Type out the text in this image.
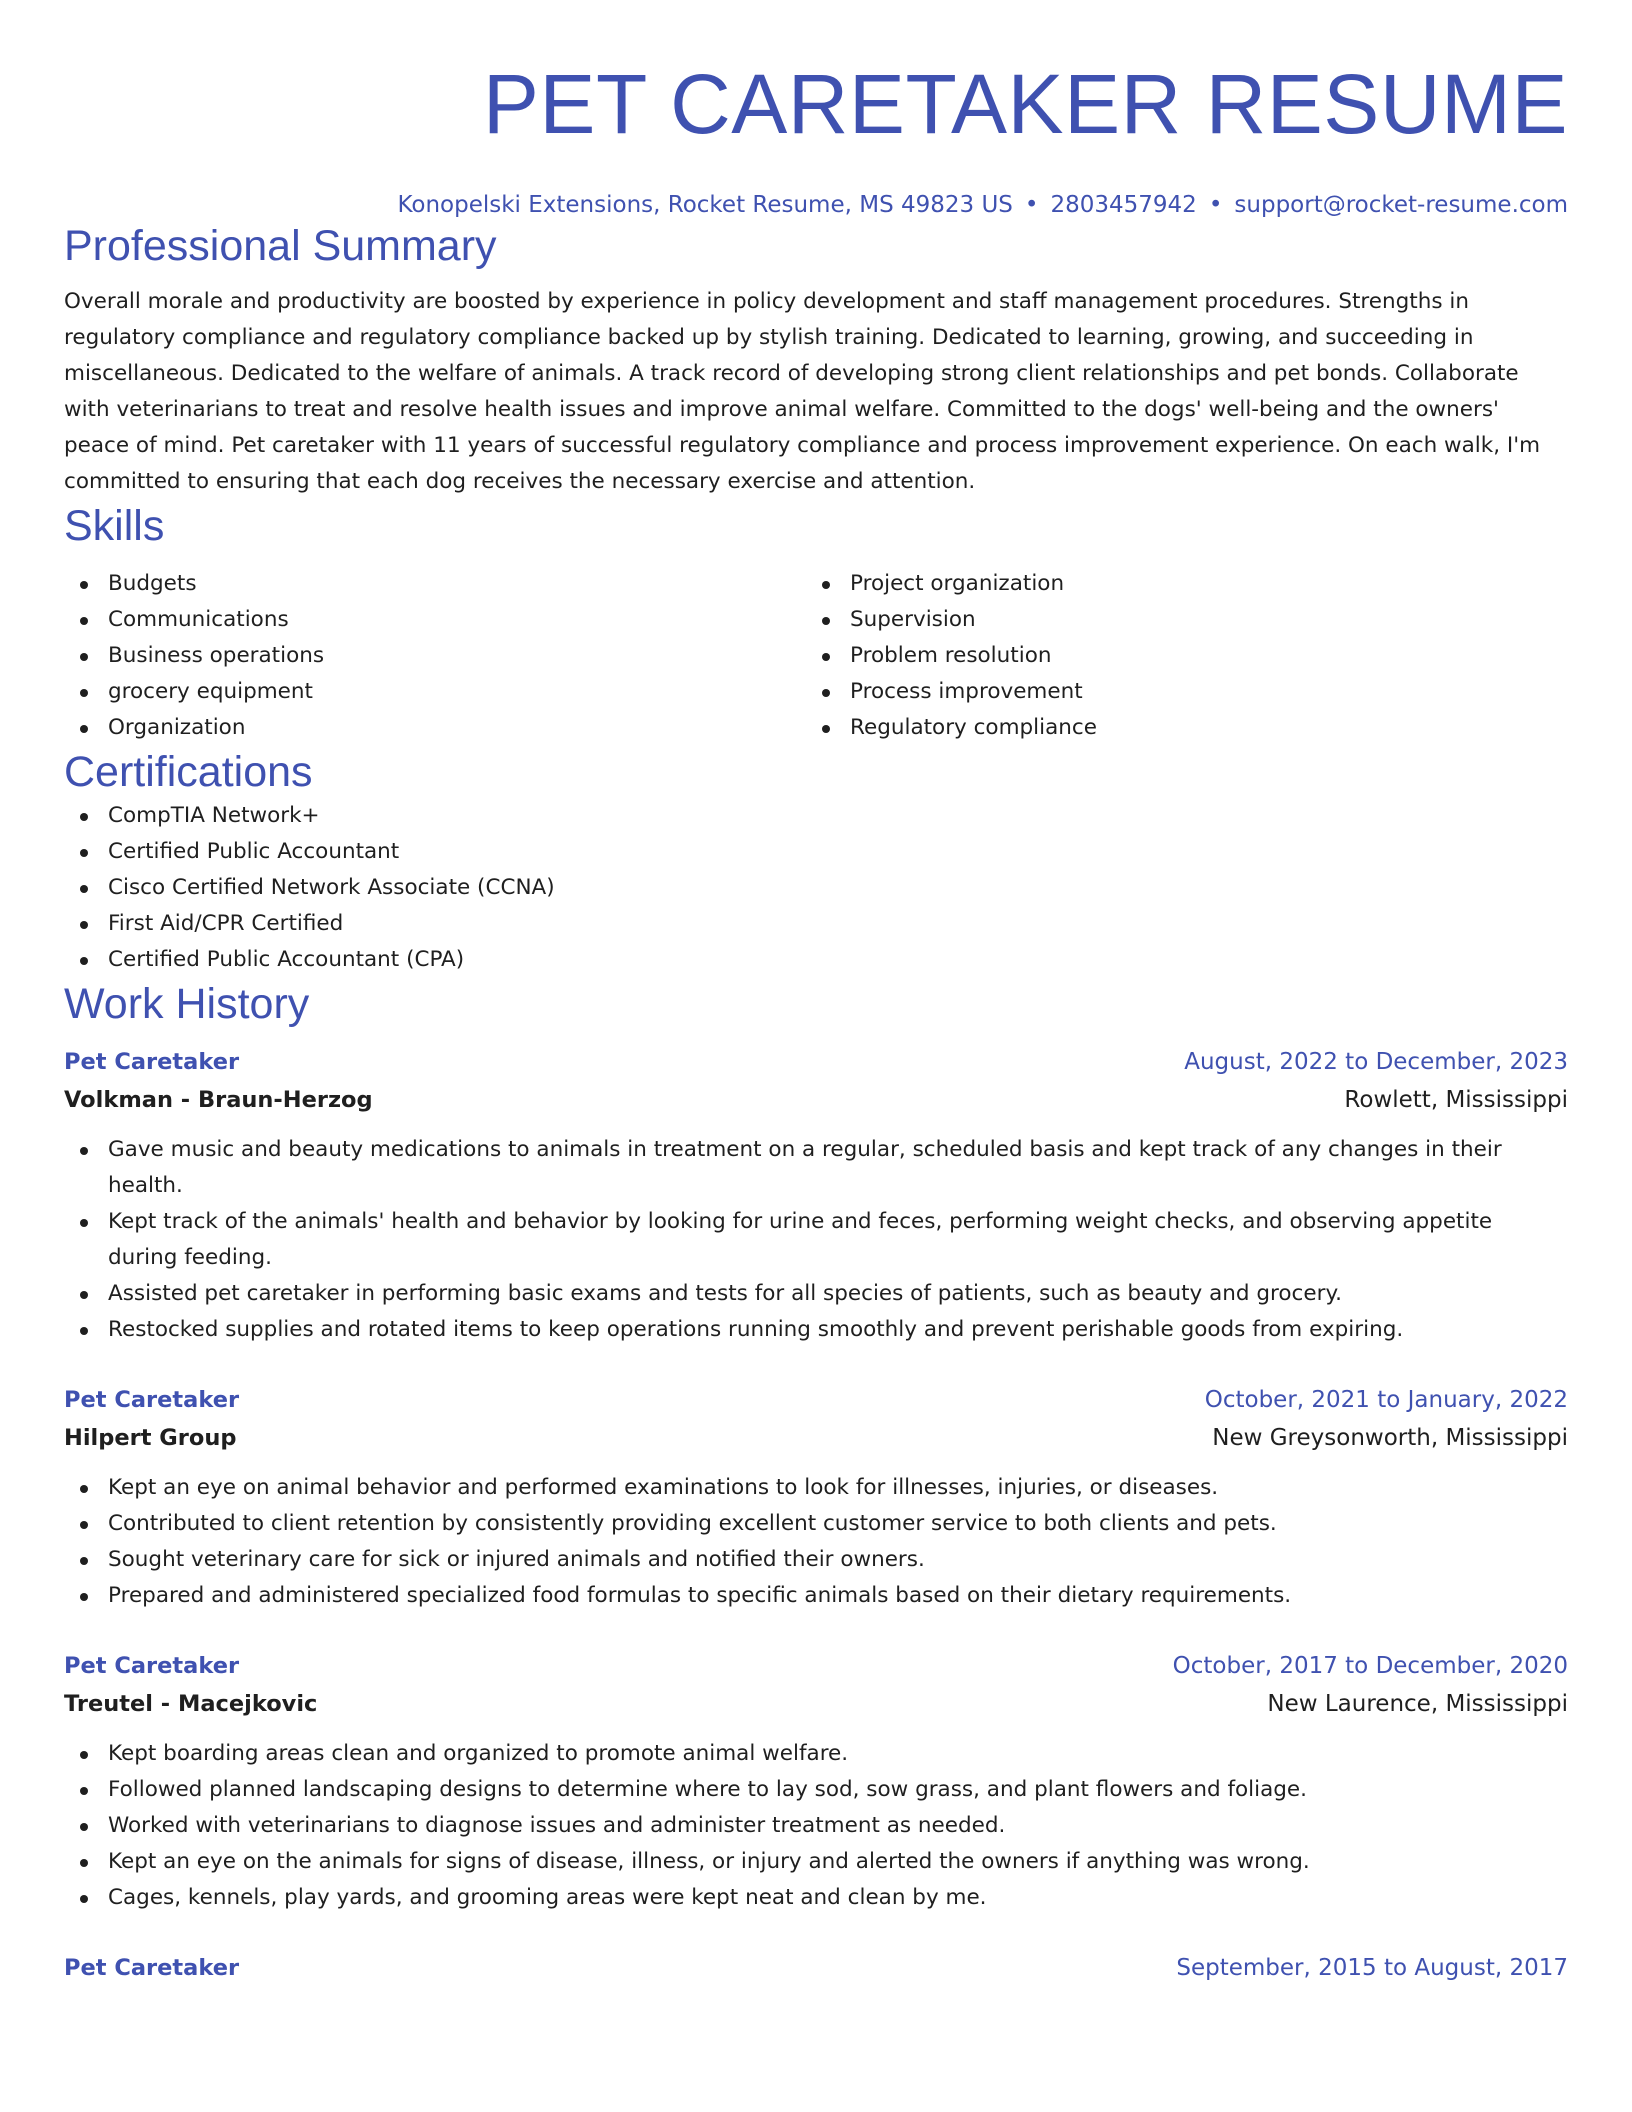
PET CARETAKER RESUME
Konopelski Extensions, Rocket Resume, MS 49823 US • 2803457942 • support@rocket-resume.com
Professional Summary
Overall morale and productivity are boosted by experience in policy development and staff management procedures. Strengths in regulatory compliance and regulatory compliance backed up by stylish training. Dedicated to learning, growing, and succeeding in miscellaneous. Dedicated to the welfare of animals. A track record of developing strong client relationships and pet bonds. Collaborate with veterinarians to treat and resolve health issues and improve animal welfare. Committed to the dogs' well-being and the owners' peace of mind. Pet caretaker with 11 years of successful regulatory compliance and process improvement experience. On each walk, I'm committed to ensuring that each dog receives the necessary exercise and attention.
Skills
Budgets
Communications
Business operations
grocery equipment
Organization
Project organization
Supervision
Problem resolution
Process improvement
Regulatory compliance
Certifications
CompTIA Network+
Certified Public Accountant
Cisco Certified Network Associate (CCNA)
First Aid/CPR Certified
Certified Public Accountant (CPA)
Work History
Pet Caretaker	August, 2022 to December, 2023
Volkman - Braun-Herzog	Rowlett, Mississippi
Gave music and beauty medications to animals in treatment on a regular, scheduled basis and kept track of any changes in their health.
Kept track of the animals' health and behavior by looking for urine and feces, performing weight checks, and observing appetite during feeding.
Assisted pet caretaker in performing basic exams and tests for all species of patients, such as beauty and grocery.
Restocked supplies and rotated items to keep operations running smoothly and prevent perishable goods from expiring.
Pet Caretaker	October, 2021 to January, 2022
Hilpert Group	New Greysonworth, Mississippi
Kept an eye on animal behavior and performed examinations to look for illnesses, injuries, or diseases.
Contributed to client retention by consistently providing excellent customer service to both clients and pets.
Sought veterinary care for sick or injured animals and notified their owners.
Prepared and administered specialized food formulas to specific animals based on their dietary requirements.
Pet Caretaker	October, 2017 to December, 2020
Treutel - Macejkovic	New Laurence, Mississippi
Kept boarding areas clean and organized to promote animal welfare.
Followed planned landscaping designs to determine where to lay sod, sow grass, and plant flowers and foliage.
Worked with veterinarians to diagnose issues and administer treatment as needed.
Kept an eye on the animals for signs of disease, illness, or injury and alerted the owners if anything was wrong.
Cages, kennels, play yards, and grooming areas were kept neat and clean by me.
Pet Caretaker	September, 2015 to August, 2017
